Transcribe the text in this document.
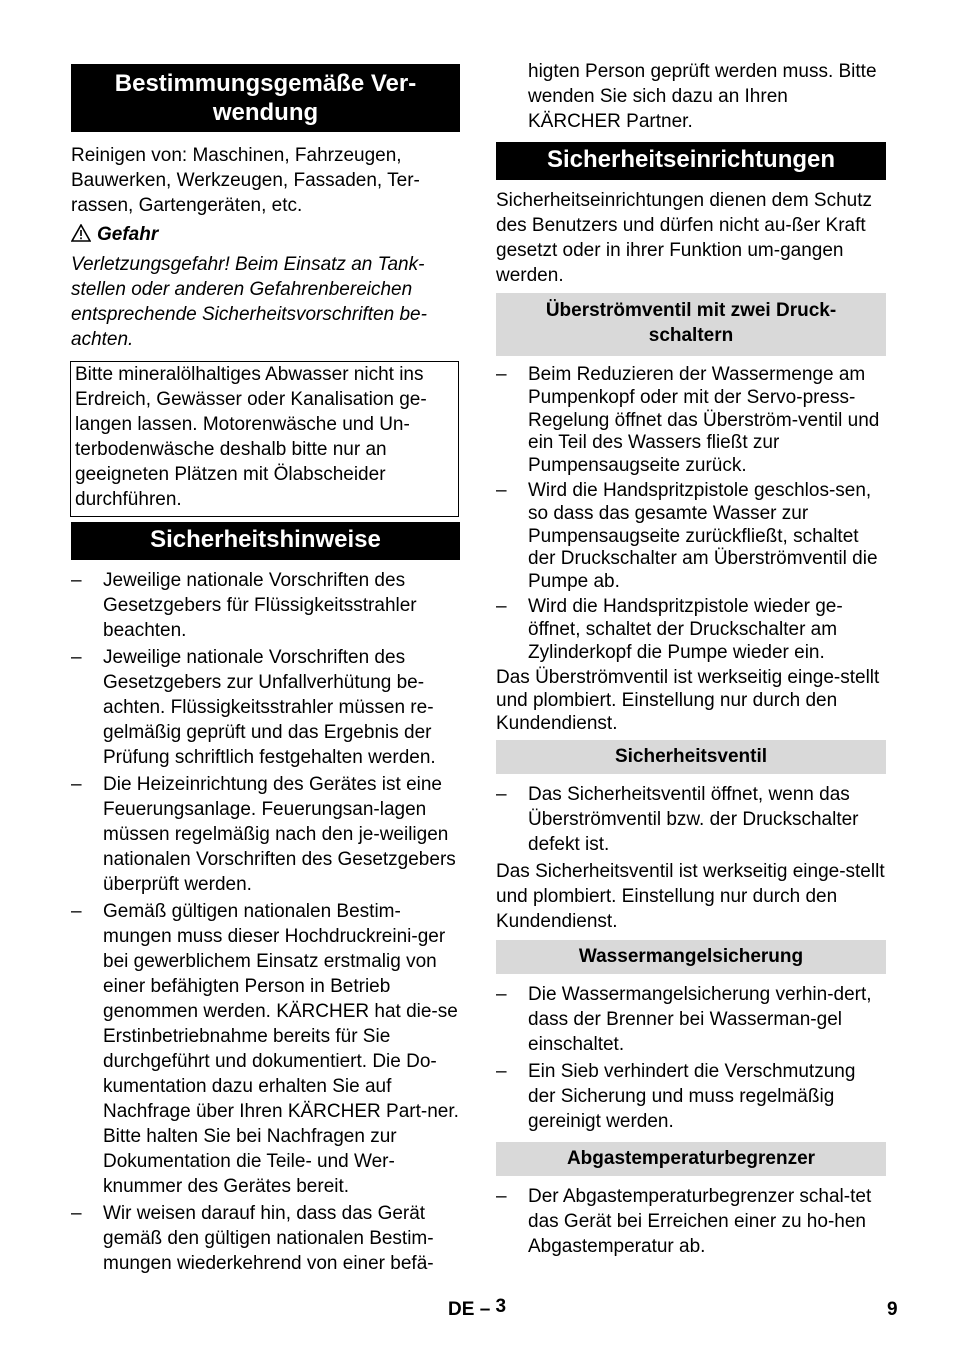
Bestimmungsgemäße Ver-
wendung

Reinigen von: Maschinen, Fahrzeugen, Bauwerken, Werkzeugen, Fassaden, Ter-rassen, Gartengeräten, etc.

Gefahr

Verletzungsgefahr! Beim Einsatz an Tank-stellen oder anderen Gefahrenbereichen entsprechende Sicherheitsvorschriften be-achten.

Bitte mineralölhaltiges Abwasser nicht ins Erdreich, Gewässer oder Kanalisation ge-langen lassen. Motorenwäsche und Un-terbodenwäsche deshalb bitte nur an geeigneten Plätzen mit Ölabscheider durchführen.
Sicherheitshinweise
–	Jeweilige nationale Vorschriften des Gesetzgebers für Flüssigkeitsstrahler beachten.
–	Jeweilige nationale Vorschriften des Gesetzgebers zur Unfallverhütung be-achten. Flüssigkeitsstrahler müssen re-gelmäßig geprüft und das Ergebnis der Prüfung schriftlich festgehalten werden.
–	Die Heizeinrichtung des Gerätes ist eine Feuerungsanlage. Feuerungsan-lagen müssen regelmäßig nach den je-weiligen nationalen Vorschriften des Gesetzgebers überprüft werden.
–	Gemäß gültigen nationalen Bestim-mungen muss dieser Hochdruckreini-ger bei gewerblichem Einsatz erstmalig von einer befähigten Person in Betrieb genommen werden. KÄRCHER hat die-se Erstinbetriebnahme bereits für Sie durchgeführt und dokumentiert. Die Do-kumentation dazu erhalten Sie auf Nachfrage über Ihren KÄRCHER Part-ner. Bitte halten Sie bei Nachfragen zur Dokumentation die Teile- und Wer-knummer des Gerätes bereit.
–	Wir weisen darauf hin, dass das Gerät gemäß den gültigen nationalen Bestim-mungen wiederkehrend von einer befä-

higten Person geprüft werden muss. Bitte wenden Sie sich dazu an Ihren KÄRCHER Partner.

Sicherheitseinrichtungen

Sicherheitseinrichtungen dienen dem Schutz des Benutzers und dürfen nicht au-ßer Kraft gesetzt oder in ihrer Funktion um-gangen werden.

Überströmventil mit zwei Druck-
schaltern
–	Beim Reduzieren der Wassermenge am Pumpenkopf oder mit der Servo-press-Regelung öffnet das Überström-ventil und ein Teil des Wassers fließt zur Pumpensaugseite zurück.
–	Wird die Handspritzpistole geschlos-sen, so dass das gesamte Wasser zur Pumpensaugseite zurückfließt, schaltet der Druckschalter am Überströmventil die Pumpe ab.
–	Wird die Handspritzpistole wieder ge-öffnet, schaltet der Druckschalter am Zylinderkopf die Pumpe wieder ein.

Das Überströmventil ist werkseitig einge-stellt und plombiert. Einstellung nur durch den Kundendienst.

Sicherheitsventil
–	Das Sicherheitsventil öffnet, wenn das Überströmventil bzw. der Druckschalter defekt ist.

Das Sicherheitsventil ist werkseitig einge-stellt und plombiert. Einstellung nur durch den Kundendienst.

Wassermangelsicherung
–	Die Wassermangelsicherung verhin-dert, dass der Brenner bei Wasserman-gel einschaltet.
–	Ein Sieb verhindert die Verschmutzung der Sicherung und muss regelmäßig gereinigt werden.
Abgastemperaturbegrenzer
–	Der Abgastemperaturbegrenzer schal-tet das Gerät bei Erreichen einer zu ho-hen Abgastemperatur ab.
DE – 3	9
